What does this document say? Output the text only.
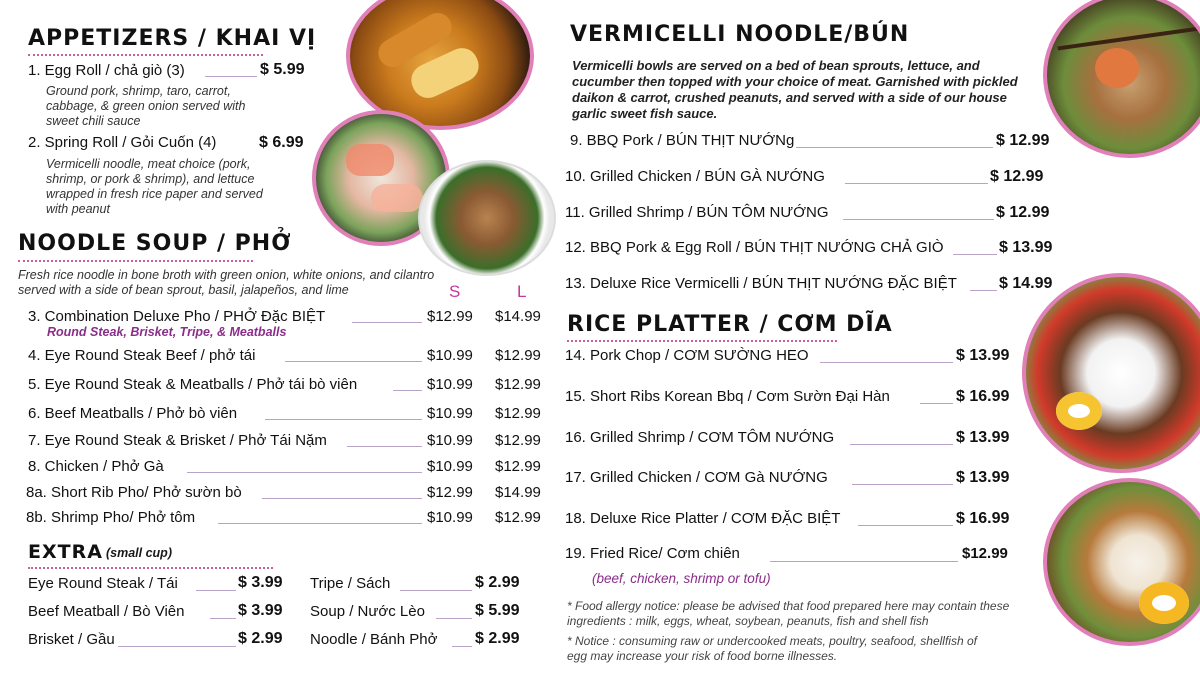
APPETIZERS / KHAI VỊ
1. Egg Roll / chả giò (3)	$ 5.99
Ground pork, shrimp, taro, carrot, cabbage, & green onion served with sweet chili sauce
2. Spring Roll / Gỏi Cuốn (4)	$ 6.99
Vermicelli noodle, meat choice (pork, shrimp, or pork & shrimp), and lettuce wrapped in fresh rice paper and served with peanut
NOODLE SOUP / PHỞ
Fresh rice noodle in bone broth with green onion, white onions, and cilantro served with a side of bean sprout, basil, jalapeños, and lime	S	L
3. Combination Deluxe Pho / PHỞ Đặc BIỆT	$12.99 $14.99
Round Steak, Brisket, Tripe, & Meatballs
4. Eye Round Steak Beef / phở tái	$10.99 $12.99
5. Eye Round Steak & Meatballs / Phở tái bò viên	$10.99 $12.99
6. Beef Meatballs / Phở bò viên	$10.99 $12.99
7. Eye Round Steak & Brisket / Phở Tái Nặm	$10.99 $12.99
8. Chicken / Phở Gà	$10.99 $12.99
8a. Short Rib Pho/ Phở sườn bò	$12.99 $14.99
8b. Shrimp Pho/ Phở tôm	$10.99 $12.99
EXTRA (small cup)
Eye Round Steak / Tái	$ 3.99
Beef Meatball / Bò Viên	$ 3.99
Brisket / Gầu	$ 2.99
Tripe / Sách	$ 2.99
Soup / Nước Lèo	$ 5.99
Noodle / Bánh Phở $ 2.99
VERMICELLI NOODLE/BÚN
Vermicelli bowls are served on a bed of bean sprouts, lettuce, and cucumber then topped with your choice of meat. Garnished with pickled daikon & carrot, crushed peanuts, and served with a side of our house garlic sweet fish sauce.
9. BBQ Pork / BÚN THỊT NƯỚNg	$ 12.99
10. Grilled Chicken / BÚN GÀ NƯỚNG	$ 12.99
11. Grilled Shrimp / BÚN TÔM NƯỚNG	$ 12.99
12. BBQ Pork & Egg Roll / BÚN THỊT NƯỚNG CHẢ GIÒ	$ 13.99
13. Deluxe Rice Vermicelli / BÚN THỊT NƯỚNG ĐẶC BIỆT	$ 14.99
RICE PLATTER / CƠM DĨA
14. Pork Chop / CƠM SƯỜNG HEO	$ 13.99
15. Short Ribs Korean Bbq / Cơm Sườn Đại Hàn	$ 16.99
16. Grilled Shrimp / CƠM TÔM NƯỚNG	$ 13.99
17. Grilled Chicken / CƠM Gà NƯỚNG	$ 13.99
18. Deluxe Rice Platter / CƠM ĐẶC BIỆT	$ 16.99
19. Fried Rice/ Cơm chiên	$12.99
(beef, chicken, shrimp or tofu)
* Food allergy notice: please be advised that food prepared here may contain these ingredients : milk, eggs, wheat, soybean, peanuts, fish and shell fish
* Notice : consuming raw or undercooked meats, poultry, seafood, shellfish of egg may increase your risk of food borne illnesses.
